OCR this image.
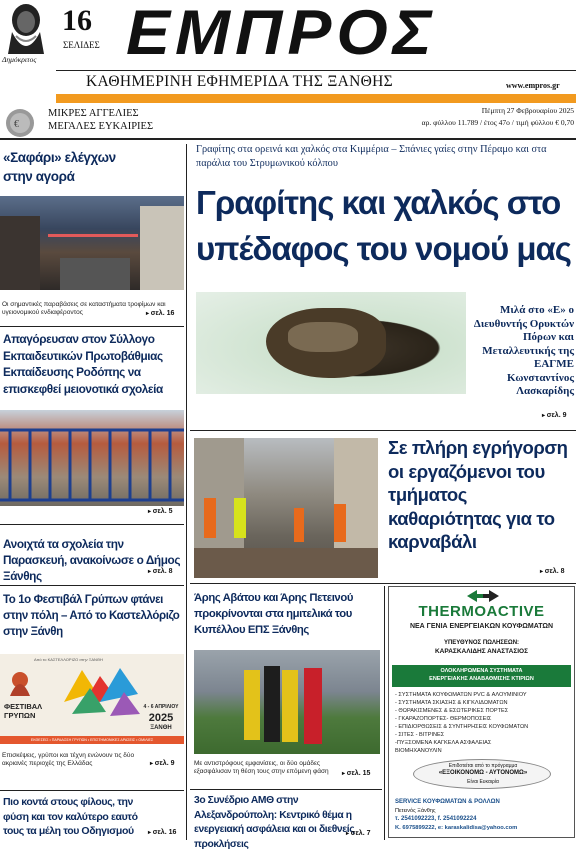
Δημόκριτος
16
ΣΕΛΙΔΕΣ ΕΜΠΡΟΣ
ΚΑΘΗΜΕΡΙΝΗ ΕΦΗΜΕΡΙΔΑ ΤΗΣ ΞΑΝΘΗΣ	www.empros.gr
€
ΜΙΚΡΕΣ ΑΓΓΕΛΙΕΣ
ΜΕΓΑΛΕΣ ΕΥΚΑΙΡΙΕΣ
Πέμπτη 27 Φεβρουαρίου 2025
αρ. φύλλου 11.789 / έτος 47ο / τιμή φύλλου € 0,70
«Σαφάρι» ελέγχων στην αγορά
Οι σημαντικές παραβάσεις σε καταστήματα τροφίμων και υγειονομικού ενδιαφέροντος	▸ σελ. 16
Απαγόρευσαν στον Σύλλογο Εκπαιδευτικών Πρωτοβάθμιας Εκπαίδευσης Ροδόπης να επισκεφθεί μειονοτικά σχολεία
▸ σελ. 5
Ανοιχτά τα σχολεία την Παρασκευή, ανακοίνωσε ο Δήμος Ξάνθης	▸ σελ. 8
Το 1ο Φεστιβάλ Γρύπων φτάνει στην πόλη – Από το Καστελλόριζο στην Ξάνθη
Από το ΚΑΣΤΕΛΛΟΡΙΖΟ στην ΞΑΝΘΗ
ΦΕΣΤΙΒΑΛ ΓΡΥΠΩΝ
4 - 6 ΑΠΡΙΛΙΟΥ
2025
ΞΑΝΘΗ
ΕΚΘΕΣΕΙΣ • ΠΑΡΑΔΟΣΗ ΓΡΥΠΩΝ • ΕΠΙΣΤΗΜΟΝΙΚΕΣ ΔΡΑΣΕΙΣ • ΟΜΙΛΙΕΣ
Επισκέψεις, γρύποι και τέχνη ενώνουν τις δύο ακριανές περιοχές της Ελλάδας	▸ σελ. 9
Πιο κοντά στους φίλους, την φύση και τον καλύτερο εαυτό τους τα μέλη του Οδηγισμού	▸ σελ. 16
Γραφίτης στα ορεινά και χαλκός στα Κιμμέρια – Σπάνιες γαίες στην Πέραμο και στα παράλια του Στρυμωνικού κόλπου
Γραφίτης και χαλκός στο υπέδαφος του νομού μας
Μιλά στο «Ε» ο Διευθυντής Ορυκτών Πόρων και Μεταλλευτικής της ΕΑΓΜΕ Κωνσταντίνος Λασκαρίδης
▸ σελ. 9
Σε πλήρη εγρήγορση οι εργαζόμενοι του τμήματος καθαριότητας για το καρναβάλι
▸ σελ. 8
Άρης Αβάτου και Άρης Πετεινού προκρίνονται στα ημιτελικά του Κυπέλλου ΕΠΣ Ξάνθης
Με αντιστρόφους εμφανίσεις, οι δύο ομάδες εξασφάλισαν τη θέση τους στην επόμενη φάση	▸ σελ. 15
3ο Συνέδριο ΑΜΘ στην Αλεξανδρούπολη: Κεντρικό θέμα η ενεργειακή ασφάλεια και οι διεθνείς προκλήσεις
▸ σελ. 7
THERMOACTIVE
ΝΕΑ ΓΕΝΙΑ ΕΝΕΡΓΕΙΑΚΩΝ ΚΟΥΦΩΜΑΤΩΝ
ΥΠΕΥΘΥΝΟΣ ΠΩΛΗΣΕΩΝ:
ΚΑΡΑΣΚΑΛΙΔΗΣ ΑΝΑΣΤΑΣΙΟΣ
ΟΛΟΚΛΗΡΩΜΕΝΑ ΣΥΣΤΗΜΑΤΑ
ΕΝΕΡΓΕΙΑΚΗΣ ΑΝΑΒΑΘΜΙΣΗΣ ΚΤΙΡΙΩΝ
- ΣΥΣΤΗΜΑΤΑ ΚΟΥΦΩΜΑΤΩΝ PVC & ΑΛΟΥΜΙΝΙΟΥ
- ΣΥΣΤΗΜΑΤΑ ΣΚΙΑΣΗΣ & ΚΙΓΚΛΙΔΩΜΑΤΩΝ
- ΘΩΡΑΚΙΣΜΕΝΕΣ & ΕΣΩΤΕΡΙΚΕΣ ΠΟΡΤΕΣ
- ΓΚΑΡΑΖΟΠΟΡΤΕΣ- ΘΕΡΜΟΠΟΣΕΙΣ
- ΕΠΙΔΙΟΡΘΩΣΕΙΣ & ΣΥΝΤΗΡΗΣΕΙΣ ΚΟΥΦΩΜΑΤΩΝ
- ΣΙΤΕΣ - ΒΙΤΡΙΝΕΣ
-ΠΥΞΣΟΜΕΝΑ ΚΑΓΚΕΛΑ ΑΣΦΑΛΕΙΑΣ
ΒΙΟΜΗΧΑΝΟΥΛΙΝ
Επιδοτείται από το πρόγραμμα
«ΕΞΟΙΚΟΝΟΜΩ - ΑΥΤΟΝΟΜΩ»
Είναι Ευκαιρία
SERVICE ΚΟΥΦΩΜΑΤΩΝ & ΡΟΛΛΩΝ
Πετεινός Ξάνθης
τ. 2541092223, f. 2541092224
Κ. 6975899222, e: karaskalidisa@yahoo.com
